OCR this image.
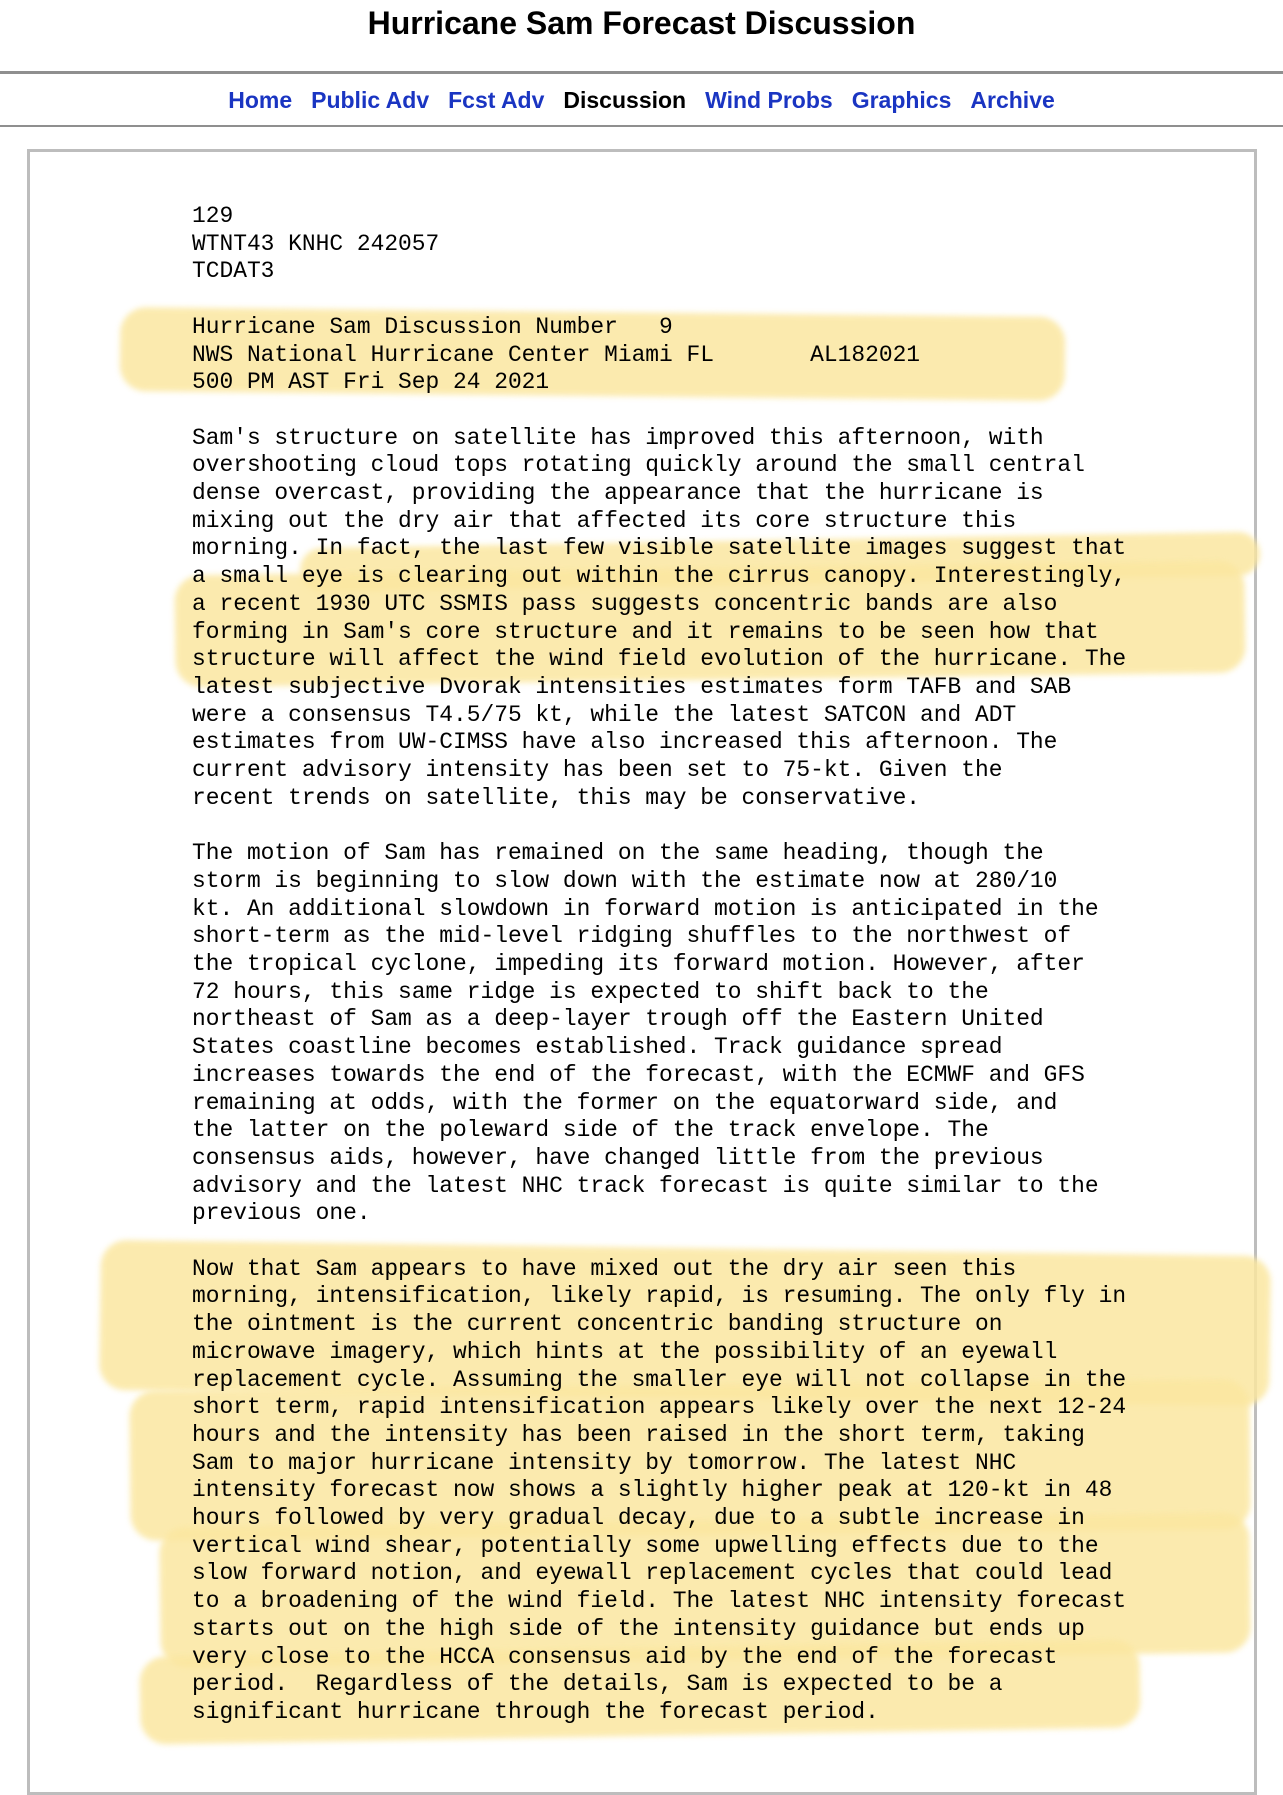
Hurricane Sam Forecast Discussion
Home Public Adv Fcst Adv Discussion Wind Probs Graphics Archive
129
WTNT43 KNHC 242057
TCDAT3

Hurricane Sam Discussion Number   9
NWS National Hurricane Center Miami FL       AL182021
500 PM AST Fri Sep 24 2021

Sam's structure on satellite has improved this afternoon, with
overshooting cloud tops rotating quickly around the small central
dense overcast, providing the appearance that the hurricane is
mixing out the dry air that affected its core structure this
morning. In fact, the last few visible satellite images suggest that
a small eye is clearing out within the cirrus canopy. Interestingly,
a recent 1930 UTC SSMIS pass suggests concentric bands are also
forming in Sam's core structure and it remains to be seen how that
structure will affect the wind field evolution of the hurricane. The
latest subjective Dvorak intensities estimates form TAFB and SAB
were a consensus T4.5/75 kt, while the latest SATCON and ADT
estimates from UW-CIMSS have also increased this afternoon. The
current advisory intensity has been set to 75-kt. Given the
recent trends on satellite, this may be conservative.

The motion of Sam has remained on the same heading, though the
storm is beginning to slow down with the estimate now at 280/10
kt. An additional slowdown in forward motion is anticipated in the
short-term as the mid-level ridging shuffles to the northwest of
the tropical cyclone, impeding its forward motion. However, after
72 hours, this same ridge is expected to shift back to the
northeast of Sam as a deep-layer trough off the Eastern United
States coastline becomes established. Track guidance spread
increases towards the end of the forecast, with the ECMWF and GFS
remaining at odds, with the former on the equatorward side, and
the latter on the poleward side of the track envelope. The
consensus aids, however, have changed little from the previous
advisory and the latest NHC track forecast is quite similar to the
previous one.

Now that Sam appears to have mixed out the dry air seen this
morning, intensification, likely rapid, is resuming. The only fly in
the ointment is the current concentric banding structure on
microwave imagery, which hints at the possibility of an eyewall
replacement cycle. Assuming the smaller eye will not collapse in the
short term, rapid intensification appears likely over the next 12-24
hours and the intensity has been raised in the short term, taking
Sam to major hurricane intensity by tomorrow. The latest NHC
intensity forecast now shows a slightly higher peak at 120-kt in 48
hours followed by very gradual decay, due to a subtle increase in
vertical wind shear, potentially some upwelling effects due to the
slow forward notion, and eyewall replacement cycles that could lead
to a broadening of the wind field. The latest NHC intensity forecast
starts out on the high side of the intensity guidance but ends up
very close to the HCCA consensus aid by the end of the forecast
period.  Regardless of the details, Sam is expected to be a
significant hurricane through the forecast period.
